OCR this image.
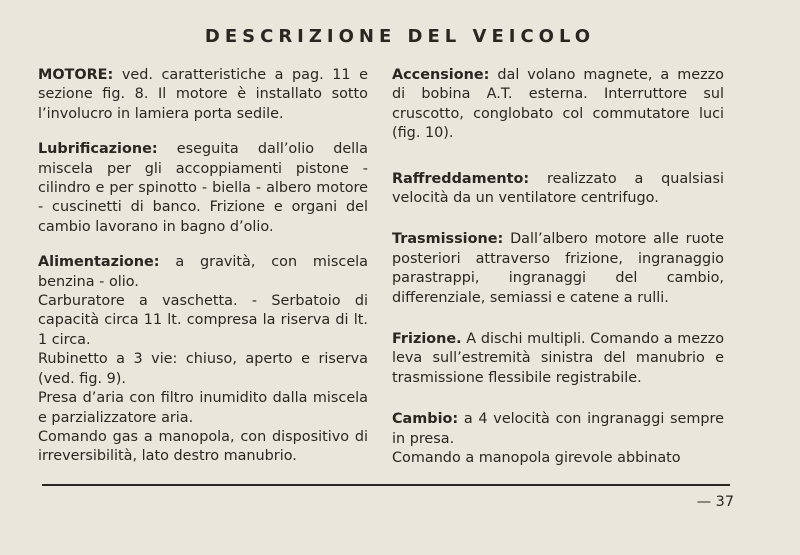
DESCRIZIONE DEL VEICOLO

MOTORE: ved. caratteristiche a pag. 11 e sezione fig. 8. Il motore è installato sotto l’involucro in lamiera porta sedile.

Lubrificazione: eseguita dall’olio della miscela per gli accoppiamenti pistone - cilindro e per spinotto - biella - albero motore - cuscinetti di banco. Frizione e organi del cambio lavorano in bagno d’olio.

Alimentazione: a gravità, con miscela benzina - olio.

Carburatore a vaschetta. - Serbatoio di capacità circa 11 lt. compresa la riserva di lt. 1 circa.

Rubinetto a 3 vie: chiuso, aperto e riserva (ved. fig. 9).

Presa d’aria con filtro inumidito dalla miscela e parzializzatore aria.

Comando gas a manopola, con dispositivo di irreversibilità, lato destro manubrio.

Accensione: dal volano magnete, a mezzo di bobina A.T. esterna. Interruttore sul cruscotto, conglobato col commutatore luci (fig. 10).

Raffreddamento: realizzato a qualsiasi velocità da un ventilatore centrifugo.

Trasmissione: Dall’albero motore alle ruote posteriori attraverso frizione, ingranaggio parastrappi, ingranaggi del cambio, differenziale, semiassi e catene a rulli.

Frizione. A dischi multipli. Comando a mezzo leva sull’estremità sinistra del manubrio e trasmissione flessibile registrabile.

Cambio: a 4 velocità con ingranaggi sempre in presa.

Comando a manopola girevole abbinato

— 37
